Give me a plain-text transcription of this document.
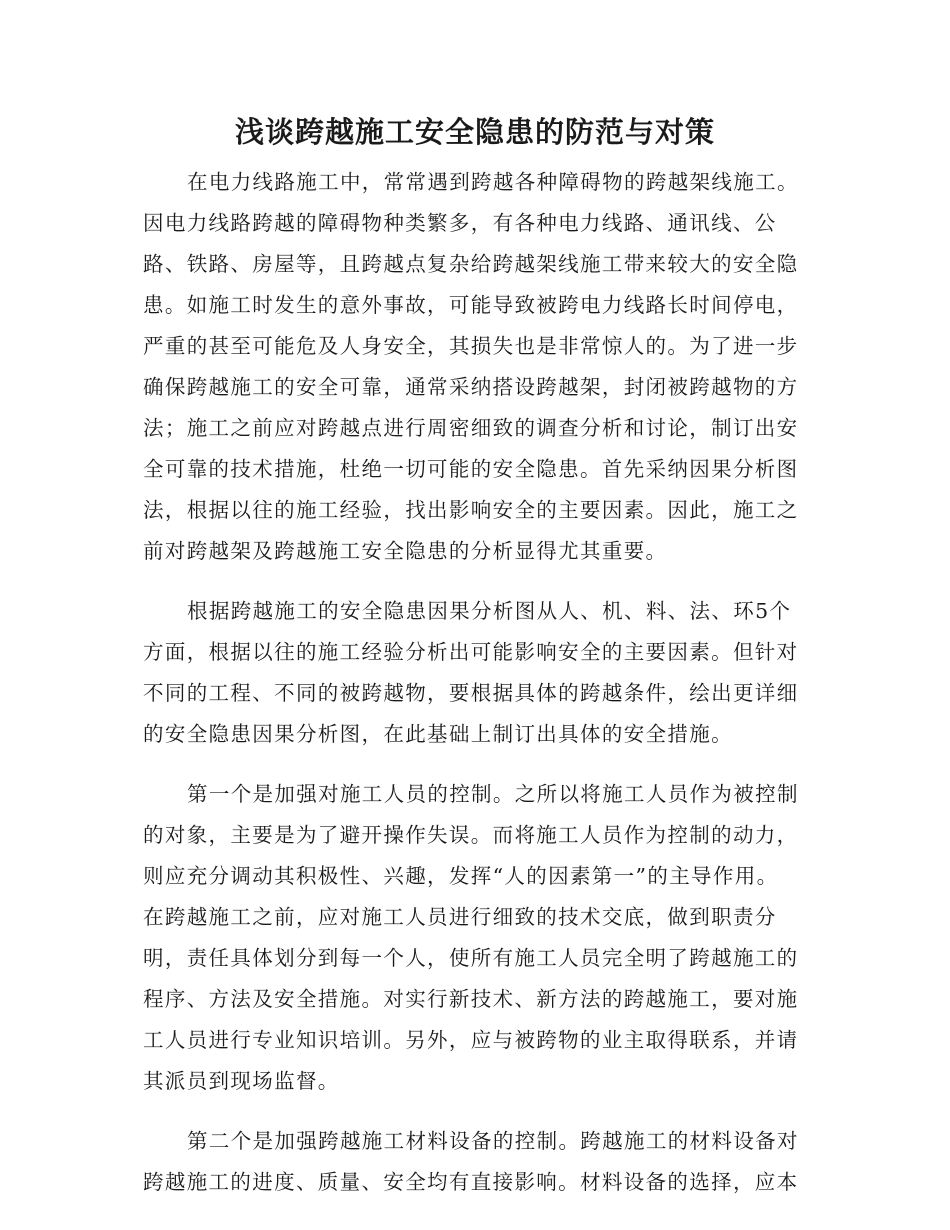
浅谈跨越施工安全隐患的防范与对策
在电力线路施工中，常常遇到跨越各种障碍物的跨越架线施工。
因电力线路跨越的障碍物种类繁多，有各种电力线路、通讯线、公
路、铁路、房屋等，且跨越点复杂给跨越架线施工带来较大的安全隐
患。如施工时发生的意外事故，可能导致被跨电力线路长时间停电，
严重的甚至可能危及人身安全，其损失也是非常惊人的。为了进一步
确保跨越施工的安全可靠，通常采纳搭设跨越架，封闭被跨越物的方
法；施工之前应对跨越点进行周密细致的调查分析和讨论，制订出安
全可靠的技术措施，杜绝一切可能的安全隐患。首先采纳因果分析图
法，根据以往的施工经验，找出影响安全的主要因素。因此，施工之
前对跨越架及跨越施工安全隐患的分析显得尤其重要。
根据跨越施工的安全隐患因果分析图从人、机、料、法、环5个
方面，根据以往的施工经验分析出可能影响安全的主要因素。但针对
不同的工程、不同的被跨越物，要根据具体的跨越条件，绘出更详细
的安全隐患因果分析图，在此基础上制订出具体的安全措施。
第一个是加强对施工人员的控制。之所以将施工人员作为被控制
的对象，主要是为了避开操作失误。而将施工人员作为控制的动力，
则应充分调动其积极性、兴趣，发挥“人的因素第一”的主导作用。
在跨越施工之前，应对施工人员进行细致的技术交底，做到职责分
明，责任具体划分到每一个人，使所有施工人员完全明了跨越施工的
程序、方法及安全措施。对实行新技术、新方法的跨越施工，要对施
工人员进行专业知识培训。另外，应与被跨物的业主取得联系，并请
其派员到现场监督。
第二个是加强跨越施工材料设备的控制。跨越施工的材料设备对
跨越施工的进度、质量、安全均有直接影响。材料设备的选择，应本
